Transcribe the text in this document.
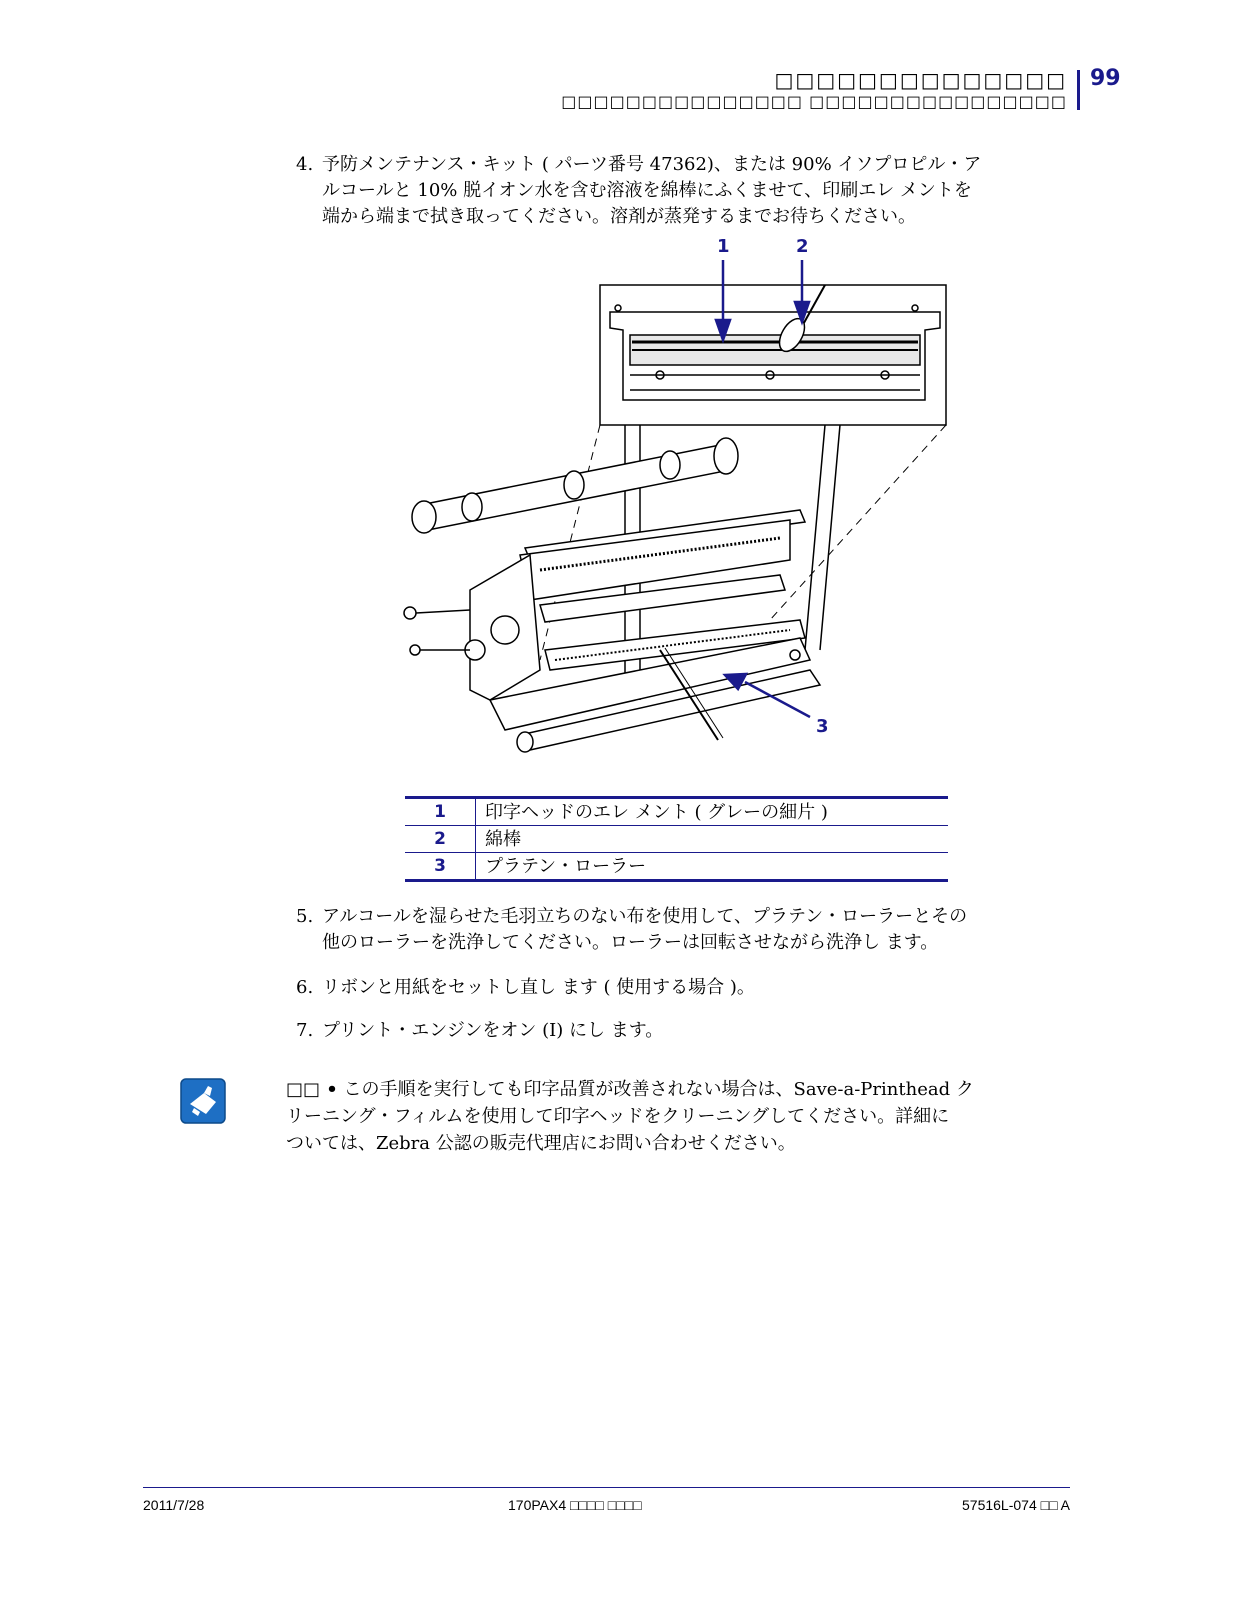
□□□□□□□□□□□□□□
□□□□□□□□□□□□□□□ □□□□□□□□□□□□□□□□
99
4. 予防メンテナンス・キット ( パーツ番号 47362)、または 90% イソプロピル・ア
ルコールと 10% 脱イオン水を含む溶液を綿棒にふくませて、印刷エレ メントを
端から端まで拭き取ってください。溶剤が蒸発するまでお待ちください。
1	2
3
1	印字ヘッドのエレ メント ( グレーの細片 )
2	綿棒
3	プラテン・ローラー
5. アルコールを湿らせた毛羽立ちのない布を使用して、プラテン・ローラーとその
他のローラーを洗浄してください。ローラーは回転させながら洗浄し ます。
6. リボンと用紙をセットし直し ます ( 使用する場合 )。
7. プリント・エンジンをオン (I) にし ます。
□□ • この手順を実行しても印字品質が改善されない場合は、Save-a-Printhead ク
リーニング・フィルムを使用して印字ヘッドをクリーニングしてください。詳細に
ついては、Zebra 公認の販売代理店にお問い合わせください。
2011/7/28	170PAX4 □□□□ □□□□	57516L-074 □□ A
